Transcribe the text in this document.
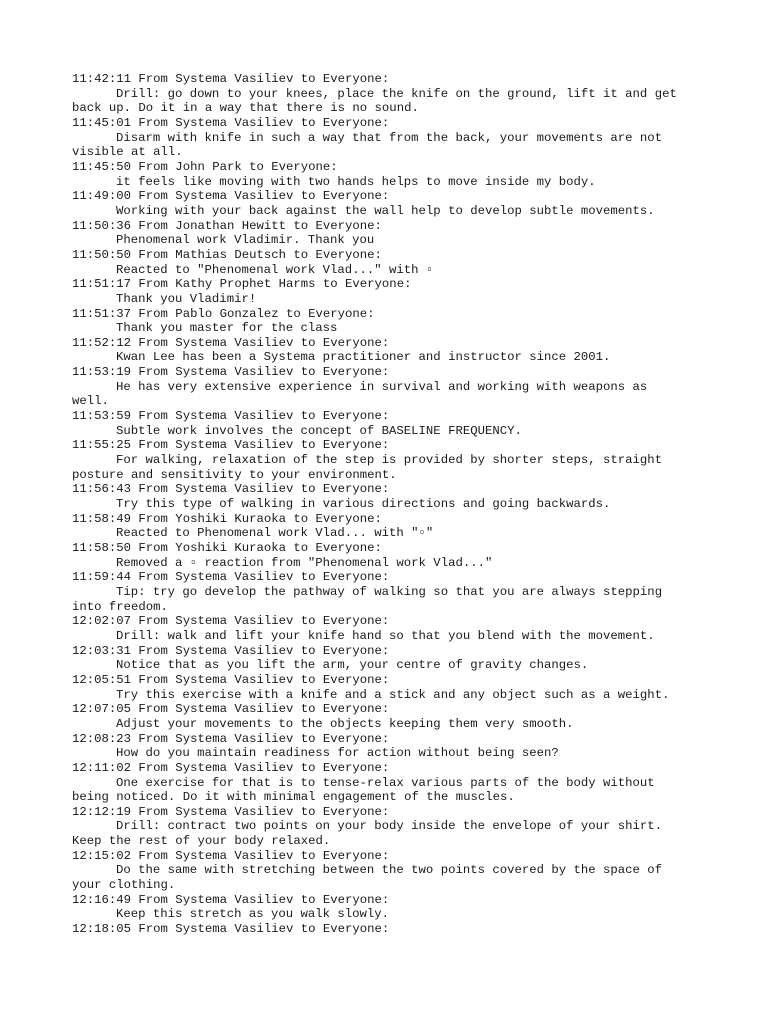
11:42:11 From Systema Vasiliev to Everyone:
Drill: go down to your knees, place the knife on the ground, lift it and get
back up. Do it in a way that there is no sound.
11:45:01 From Systema Vasiliev to Everyone:
Disarm with knife in such a way that from the back, your movements are not
visible at all.
11:45:50 From John Park to Everyone:
it feels like moving with two hands helps to move inside my body.
11:49:00 From Systema Vasiliev to Everyone:
Working with your back against the wall help to develop subtle movements.
11:50:36 From Jonathan Hewitt to Everyone:
Phenomenal work Vladimir. Thank you
11:50:50 From Mathias Deutsch to Everyone:
Reacted to "Phenomenal work Vlad..." with ▫
11:51:17 From Kathy Prophet Harms to Everyone:
Thank you Vladimir!
11:51:37 From Pablo Gonzalez to Everyone:
Thank you master for the class
11:52:12 From Systema Vasiliev to Everyone:
Kwan Lee has been a Systema practitioner and instructor since 2001.
11:53:19 From Systema Vasiliev to Everyone:
He has very extensive experience in survival and working with weapons as
well.
11:53:59 From Systema Vasiliev to Everyone:
Subtle work involves the concept of BASELINE FREQUENCY.
11:55:25 From Systema Vasiliev to Everyone:
For walking, relaxation of the step is provided by shorter steps, straight
posture and sensitivity to your environment.
11:56:43 From Systema Vasiliev to Everyone:
Try this type of walking in various directions and going backwards.
11:58:49 From Yoshiki Kuraoka to Everyone:
Reacted to Phenomenal work Vlad... with "▫"
11:58:50 From Yoshiki Kuraoka to Everyone:
Removed a ▫ reaction from "Phenomenal work Vlad..."
11:59:44 From Systema Vasiliev to Everyone:
Tip: try go develop the pathway of walking so that you are always stepping
into freedom.
12:02:07 From Systema Vasiliev to Everyone:
Drill: walk and lift your knife hand so that you blend with the movement.
12:03:31 From Systema Vasiliev to Everyone:
Notice that as you lift the arm, your centre of gravity changes.
12:05:51 From Systema Vasiliev to Everyone:
Try this exercise with a knife and a stick and any object such as a weight.
12:07:05 From Systema Vasiliev to Everyone:
Adjust your movements to the objects keeping them very smooth.
12:08:23 From Systema Vasiliev to Everyone:
How do you maintain readiness for action without being seen?
12:11:02 From Systema Vasiliev to Everyone:
One exercise for that is to tense-relax various parts of the body without
being noticed. Do it with minimal engagement of the muscles.
12:12:19 From Systema Vasiliev to Everyone:
Drill: contract two points on your body inside the envelope of your shirt.
Keep the rest of your body relaxed.
12:15:02 From Systema Vasiliev to Everyone:
Do the same with stretching between the two points covered by the space of
your clothing.
12:16:49 From Systema Vasiliev to Everyone:
Keep this stretch as you walk slowly.
12:18:05 From Systema Vasiliev to Everyone:
